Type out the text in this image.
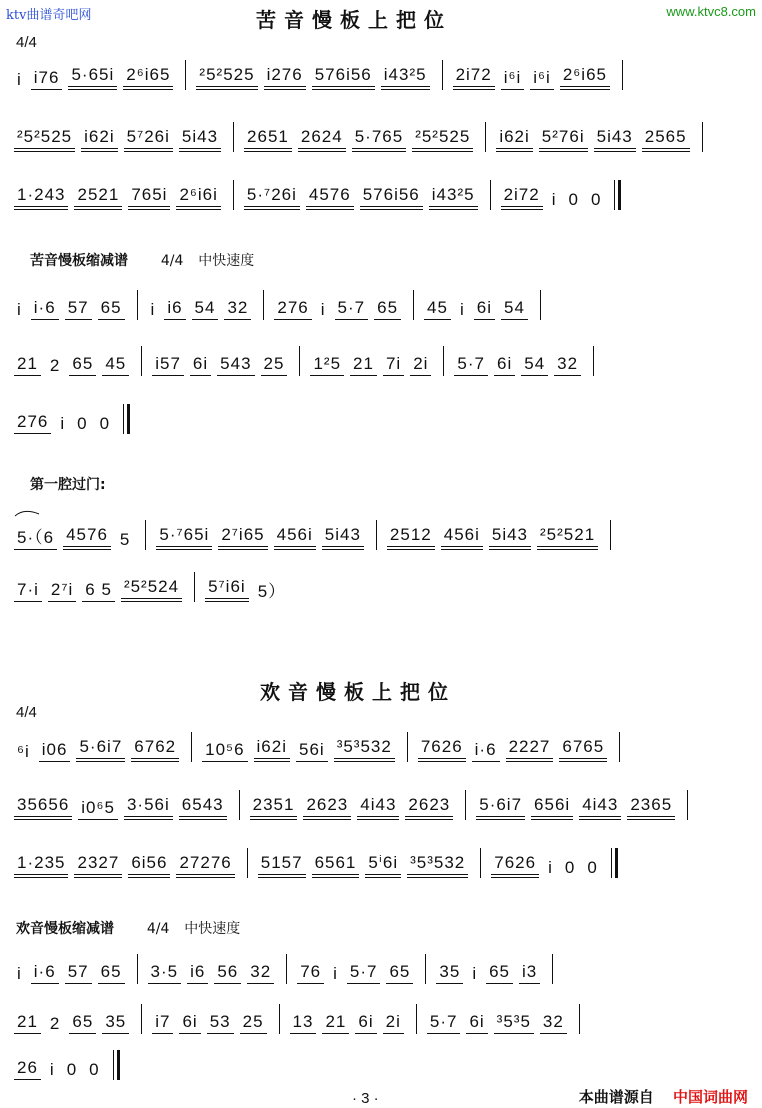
ktv曲谱奇吧网	www.ktvc8.com
苦音慢板上把位
4/4
i i76 5·65i 2⁶i65 ²5²525 i276 576i56 i43²5 2i72 i⁶i i⁶i 2⁶i65
²5²525 i62i 5⁷26i 5i43 2651 2624 5·765 ²5²525 i62i 5²76i 5i43 2565
1·243 2521 765i 2⁶i6i 5·⁷26i 4576 576i56 i43²5 2i72 i 0 0
苦音慢板缩减谱 4/4 中快速度
i i·6 57 65 i i6 54 32 276 i 5·7 65 45 i 6i 54
21 2 65 45 i57 6i 543 25 1²5 21 7i 2i 5·7 6i 54 32
276 i 0 0
第一腔过门:
5·（6 4576 5 5·⁷65i 2⁷i65 456i 5i43 2512 456i 5i43 ²5²521
7·i 2⁷i 6 5 ²5²524 5⁷i6i 5）
欢音慢板上把位
4/4
⁶i i06 5·6i7 6762 10⁵6 i62i 56i ³5³532 7626 i·6 2227 6765
35656 i0⁶5 3·56i 6543 2351 2623 4i43 2623 5·6i7 656i 4i43 2365
1·235 2327 6i56 27276 5157 6561 5ⁱ6i ³5³532 7626 i 0 0
欢音慢板缩减谱 4/4 中快速度
i i·6 57 65 3·5 i6 56 32 76 i 5·7 65 35 i 65 i3
21 2 65 35 i7 6i 53 25 13 21 6i 2i 5·7 6i ³5³5 32
26 i 0 0
· 3 ·	本曲谱源自 中国词曲网
